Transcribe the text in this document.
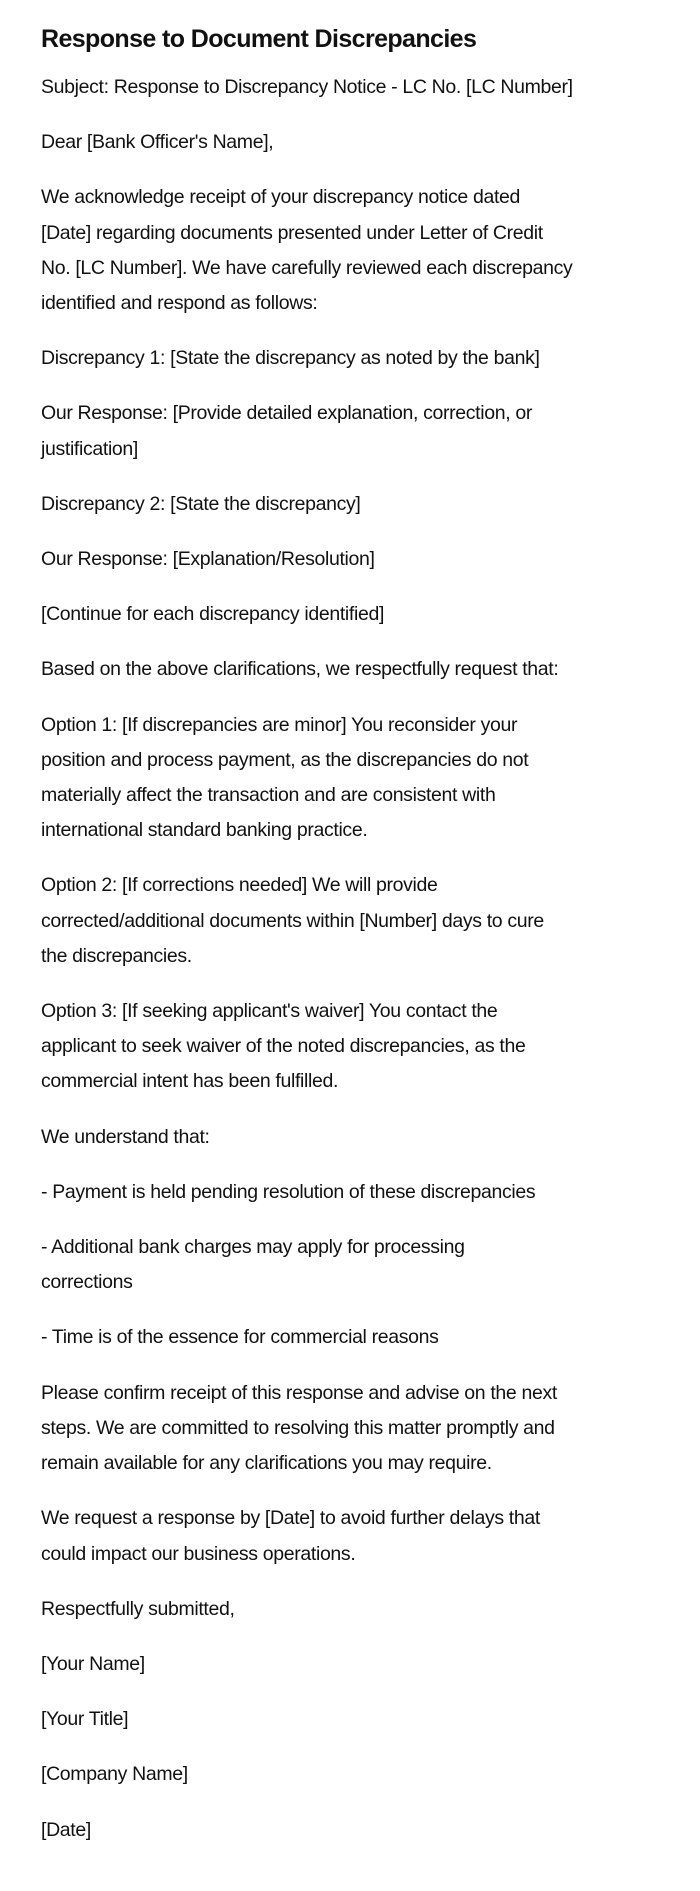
Response to Document Discrepancies

Subject: Response to Discrepancy Notice - LC No. [LC Number]

Dear [Bank Officer's Name],

We acknowledge receipt of your discrepancy notice dated
[Date] regarding documents presented under Letter of Credit
No. [LC Number]. We have carefully reviewed each discrepancy
identified and respond as follows:

Discrepancy 1: [State the discrepancy as noted by the bank]

Our Response: [Provide detailed explanation, correction, or
justification]

Discrepancy 2: [State the discrepancy]

Our Response: [Explanation/Resolution]

[Continue for each discrepancy identified]

Based on the above clarifications, we respectfully request that:

Option 1: [If discrepancies are minor] You reconsider your
position and process payment, as the discrepancies do not
materially affect the transaction and are consistent with
international standard banking practice.

Option 2: [If corrections needed] We will provide
corrected/additional documents within [Number] days to cure
the discrepancies.

Option 3: [If seeking applicant's waiver] You contact the
applicant to seek waiver of the noted discrepancies, as the
commercial intent has been fulfilled.

We understand that:

- Payment is held pending resolution of these discrepancies

- Additional bank charges may apply for processing
corrections

- Time is of the essence for commercial reasons

Please confirm receipt of this response and advise on the next
steps. We are committed to resolving this matter promptly and
remain available for any clarifications you may require.

We request a response by [Date] to avoid further delays that
could impact our business operations.

Respectfully submitted,

[Your Name]

[Your Title]

[Company Name]

[Date]
